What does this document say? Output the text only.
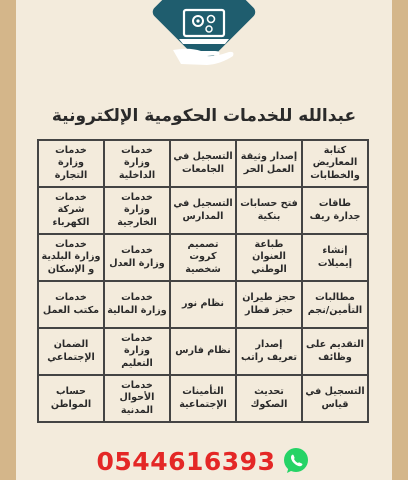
عبدالله للخدمات الحكومية الإلكترونية
كتابة المعاريض والخطابات
إصدار وثيقة العمل الحر
التسجيل في الجامعات
خدمات وزارة الداخلية
خدمات وزارة التجارة
طاقات جدارة ريف
فتح حسابات بنكية
التسجيل في المدارس
خدمات وزارة الخارجية
خدمات شركة الكهرباء
إنشاء إيميلات
طباعة العنوان الوطني
تصميم كروت شخصية
خدمات وزارة العدل
خدمات وزارة البلدية و الإسكان
مطالبات التأمين/نجم
حجز طيران حجز قطار
نظام نور
خدمات وزارة المالية
خدمات مكتب العمل
التقديم على وظائف
إصدار تعريف راتب
نظام فارس
خدمات وزارة التعليم
الضمان الإجتماعي
التسجيل في قياس
تحديث الصكوك
التأمينات الإجتماعية
خدمات الأحوال المدنية
حساب المواطن
0544616393
